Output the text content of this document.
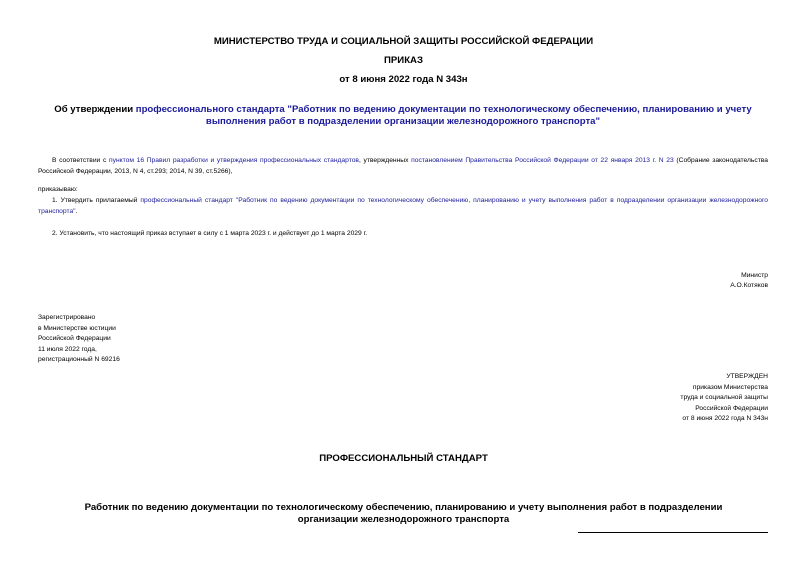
МИНИСТЕРСТВО ТРУДА И СОЦИАЛЬНОЙ ЗАЩИТЫ РОССИЙСКОЙ ФЕДЕРАЦИИ
ПРИКАЗ
от 8 июня 2022 года N 343н
Об утверждении профессионального стандарта "Работник по ведению документации по технологическому обеспечению, планированию и учету выполнения работ в подразделении организации железнодорожного транспорта"
В соответствии с пунктом 16 Правил разработки и утверждения профессиональных стандартов, утвержденных постановлением Правительства Российской Федерации от 22 января 2013 г. N 23 (Собрание законодательства Российской Федерации, 2013, N 4, ст.293; 2014, N 39, ст.5266),
приказываю:
1. Утвердить прилагаемый профессиональный стандарт "Работник по ведению документации по технологическому обеспечению, планированию и учету выполнения работ в подразделении организации железнодорожного транспорта".
2. Установить, что настоящий приказ вступает в силу с 1 марта 2023 г. и действует до 1 марта 2029 г.
Министр
А.О.Котяков
Зарегистрировано
в Министерстве юстиции
Российской Федерации
11 июля 2022 года,
регистрационный N 69216
УТВЕРЖДЕН
приказом Министерства
труда и социальной защиты
Российской Федерации
от 8 июня 2022 года N 343н
ПРОФЕССИОНАЛЬНЫЙ СТАНДАРТ
Работник по ведению документации по технологическому обеспечению, планированию и учету выполнения работ в подразделении организации железнодорожного транспорта
